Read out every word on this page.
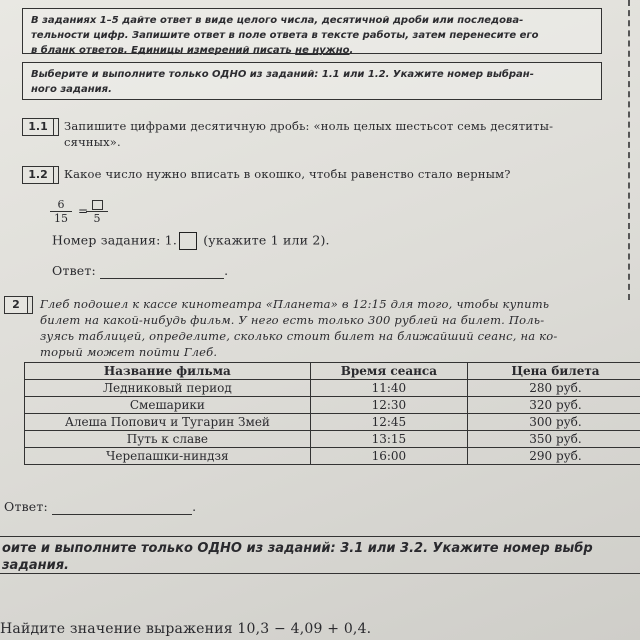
В заданиях 1–5 дайте ответ в виде целого числа, десятичной дроби или последова-
тельности цифр. Запишите ответ в поле ответа в тексте работы, затем перенесите его
в бланк ответов. Единицы измерений писать не нужно.
Выберите и выполните только ОДНО из заданий: 1.1 или 1.2. Укажите номер выбран-
ного задания.
1.1	Запишите цифрами десятичную дробь: «ноль целых шестьсот семь десятиты-
сячных».
1.2	Какое число нужно вписать в окошко, чтобы равенство стало верным?
$\frac{6}{15}$ =
5
Номер задания: 1. (укажите 1 или 2).
Ответ:	.
2	Глеб подошел к кассе кинотеатра «Планета» в 12:15 для того, чтобы купить
билет на какой-нибудь фильм. У него есть только 300 рублей на билет. Поль-
зуясь таблицей, определите, сколько стоит билет на ближайший сеанс, на ко-
торый может пойти Глеб.
Название фильма	Время сеанса	Цена билета
Ледниковый период	11:40	280 руб.
Смешарики	12:30	320 руб.
Алеша Попович и Тугарин Змей	12:45	300 руб.
Путь к славе	13:15	350 руб.
Черепашки-ниндзя	16:00	290 руб.
Ответ:	.
оите и выполните только ОДНО из заданий: 3.1 или 3.2. Укажите номер выбр
задания.
Найдите значение выражения 10,3 − 4,09 + 0,4.
